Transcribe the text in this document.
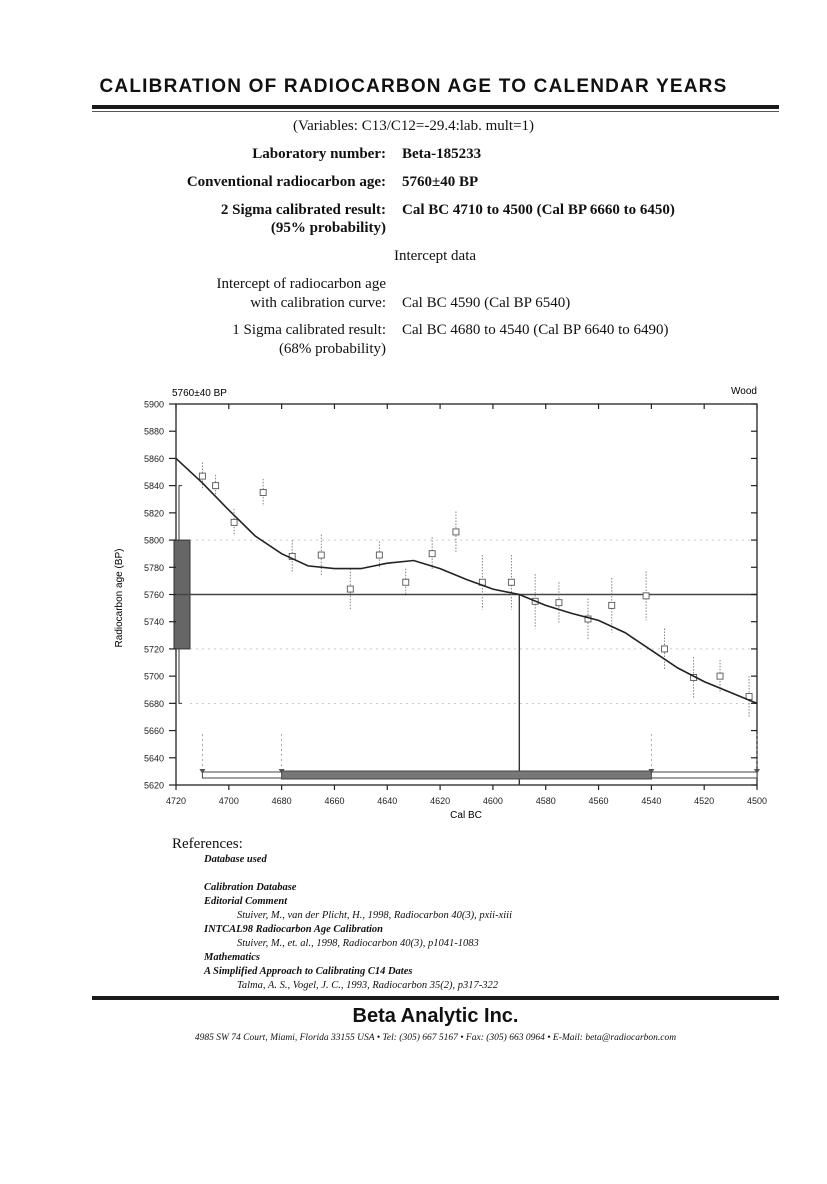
CALIBRATION OF RADIOCARBON AGE TO CALENDAR YEARS
(Variables: C13/C12=-29.4:lab. mult=1)
Laboratory number: Beta-185233
Conventional radiocarbon age: 5760±40 BP
2 Sigma calibrated result:
(95% probability)
Cal BC 4710 to 4500 (Cal BP 6660 to 6450)
Intercept data
Intercept of radiocarbon age
with calibration curve: Cal BC 4590 (Cal BP 6540)
1 Sigma calibrated result:
(68% probability)
Cal BC 4680 to 4540 (Cal BP 6640 to 6490)
5760±40 BP	Wood
Cal BC
Radiocarbon age (BP)
4720	4700	4680	4660	4640	4620	4600	4580	4560	4540	4520	4500
5620
5640
5660
5680
5700
5720
5740
5760
5780
5800
5820
5840
5860
5880
5900
References:
Database used
Calibration Database
Editorial Comment
Stuiver, M., van der Plicht, H., 1998, Radiocarbon 40(3), pxii-xiii
INTCAL98 Radiocarbon Age Calibration
Stuiver, M., et. al., 1998, Radiocarbon 40(3), p1041-1083
Mathematics
A Simplified Approach to Calibrating C14 Dates
Talma, A. S., Vogel, J. C., 1993, Radiocarbon 35(2), p317-322
Beta Analytic Inc.
4985 SW 74 Court, Miami, Florida 33155 USA • Tel: (305) 667 5167 • Fax: (305) 663 0964 • E-Mail: beta@radiocarbon.com
